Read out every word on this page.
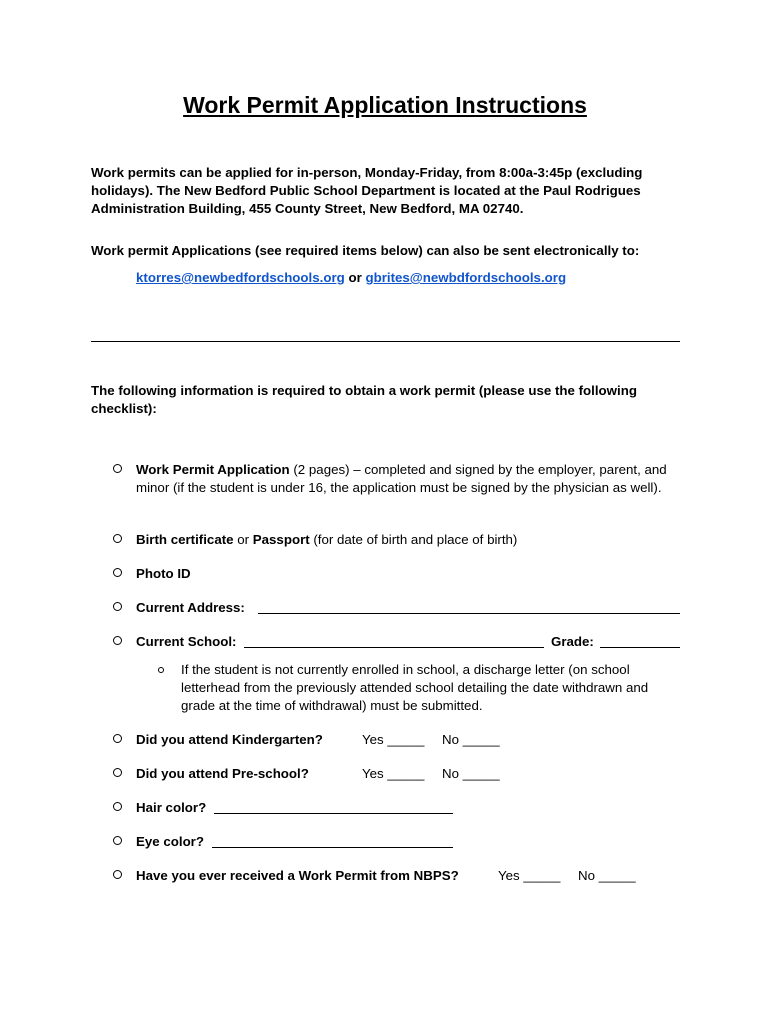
Work Permit Application Instructions
Work permits can be applied for in-person, Monday-Friday, from 8:00a-3:45p (excluding holidays). The New Bedford Public School Department is located at the Paul Rodrigues Administration Building, 455 County Street, New Bedford, MA 02740.
Work permit Applications (see required items below) can also be sent electronically to:
ktorres@newbedfordschools.org or gbrites@newbdfordschools.org
The following information is required to obtain a work permit (please use the following checklist):
Work Permit Application (2 pages) – completed and signed by the employer, parent, and minor (if the student is under 16, the application must be signed by the physician as well).
Birth certificate or Passport (for date of birth and place of birth)
Photo ID
Current Address:
Current School:	Grade:
If the student is not currently enrolled in school, a discharge letter (on school letterhead from the previously attended school detailing the date withdrawn and grade at the time of withdrawal) must be submitted.
Did you attend Kindergarten?	Yes _____ No _____
Did you attend Pre-school?	Yes _____ No _____
Hair color?
Eye color?
Have you ever received a Work Permit from NBPS?	Yes _____ No _____
